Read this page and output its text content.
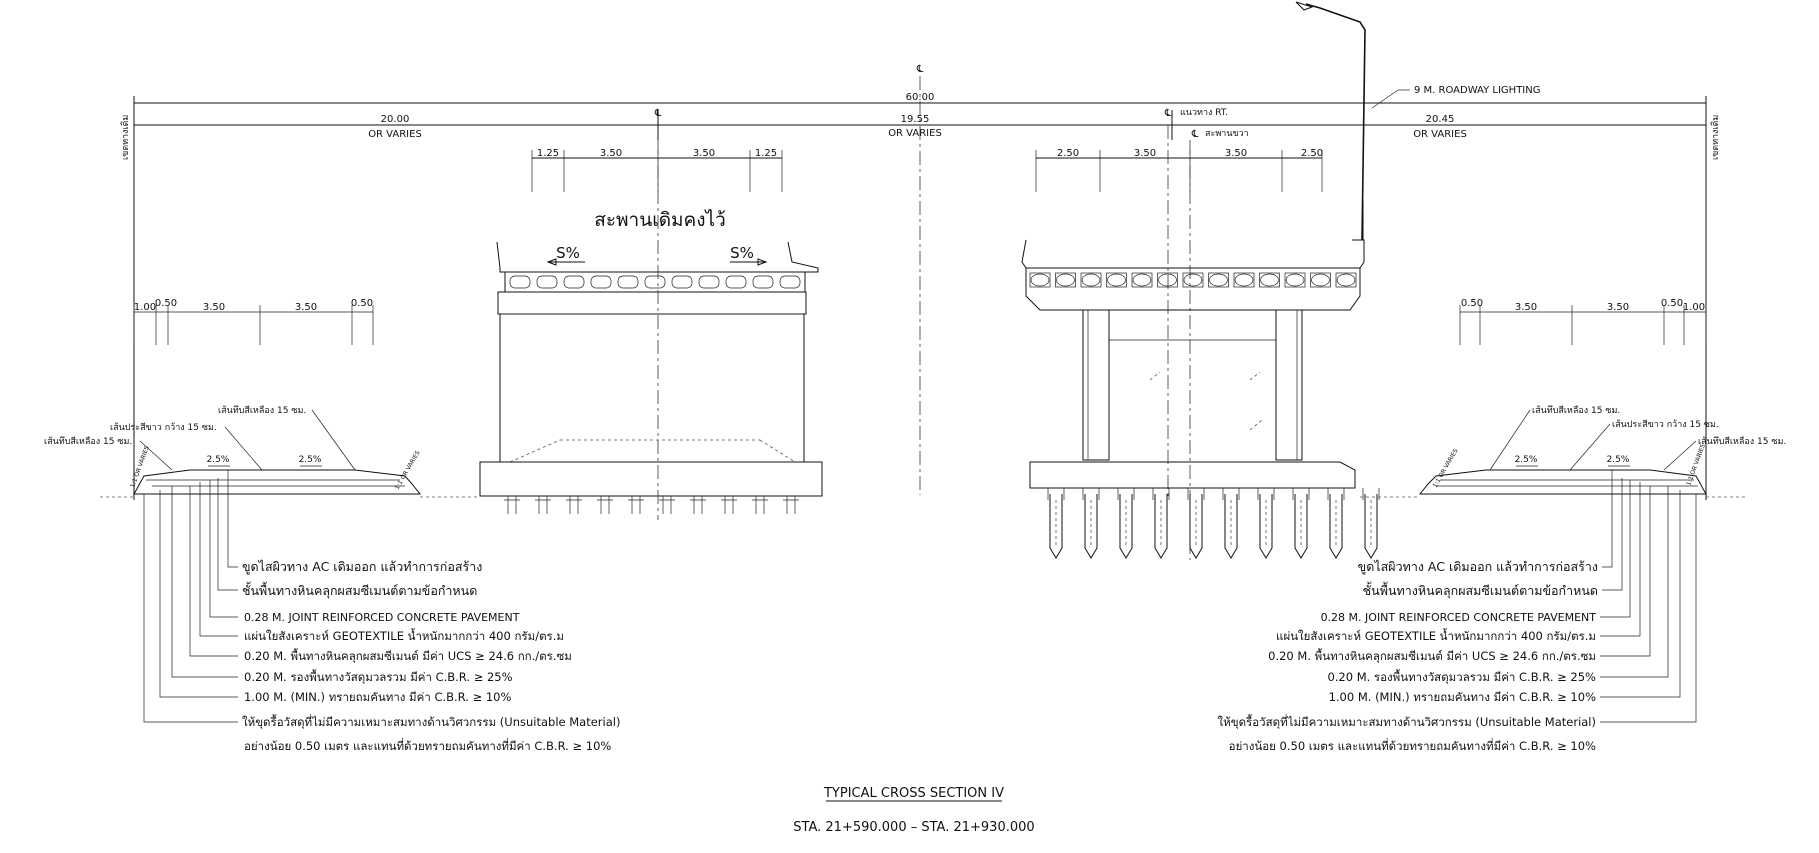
℄
60.00
℄	℄ แนวทาง RT.
℄ สะพานขวา
20.00
OR VARIES
19.55
OR VARIES
20.45
OR VARIES
เขตทางเดิม	เขตทางเดิม
1.25	3.50	3.50	1.25
สะพานเดิมคงไว้
S%	S%
2.50	3.50	3.50	2.50
9 M. ROADWAY LIGHTING
1.00
0.50	3.50	3.50	0.50
2.5%	2.5%
1:1 OR VARIES	1:1 OR VARIES
เส้นทึบสีเหลือง 15 ซม.
เส้นประสีขาว กว้าง 15 ซม.
เส้นทึบสีเหลือง 15 ซม.
0.50	3.50	3.50	0.50 1.00
2.5%	2.5%
1:1 OR VARIES	1:1 OR VARIES
เส้นทึบสีเหลือง 15 ซม.
เส้นประสีขาว กว้าง 15 ซม.
เส้นทึบสีเหลือง 15 ซม.
ขูดไสผิวทาง AC เดิมออก แล้วทำการก่อสร้าง
ชั้นพื้นทางหินคลุกผสมซีเมนต์ตามข้อกำหนด
0.28 M. JOINT REINFORCED CONCRETE PAVEMENT
แผ่นใยสังเคราะห์ GEOTEXTILE น้ำหนักมากกว่า 400 กรัม/ตร.ม
0.20 M. พื้นทางหินคลุกผสมซีเมนต์ มีค่า UCS ≥ 24.6 กก./ตร.ซม
0.20 M. รองพื้นทางวัสดุมวลรวม มีค่า C.B.R. ≥ 25%
1.00 M. (MIN.) ทรายถมคันทาง มีค่า C.B.R. ≥ 10%
ให้ขุดรื้อวัสดุที่ไม่มีความเหมาะสมทางด้านวิศวกรรม (Unsuitable Material)
อย่างน้อย 0.50 เมตร และแทนที่ด้วยทรายถมคันทางที่มีค่า C.B.R. ≥ 10%
ขูดไสผิวทาง AC เดิมออก แล้วทำการก่อสร้าง
ชั้นพื้นทางหินคลุกผสมซีเมนต์ตามข้อกำหนด
0.28 M. JOINT REINFORCED CONCRETE PAVEMENT
แผ่นใยสังเคราะห์ GEOTEXTILE น้ำหนักมากกว่า 400 กรัม/ตร.ม
0.20 M. พื้นทางหินคลุกผสมซีเมนต์ มีค่า UCS ≥ 24.6 กก./ตร.ซม
0.20 M. รองพื้นทางวัสดุมวลรวม มีค่า C.B.R. ≥ 25%
1.00 M. (MIN.) ทรายถมคันทาง มีค่า C.B.R. ≥ 10%
ให้ขุดรื้อวัสดุที่ไม่มีความเหมาะสมทางด้านวิศวกรรม (Unsuitable Material)
อย่างน้อย 0.50 เมตร และแทนที่ด้วยทรายถมคันทางที่มีค่า C.B.R. ≥ 10%
TYPICAL CROSS SECTION IV
STA. 21+590.000 – STA. 21+930.000
